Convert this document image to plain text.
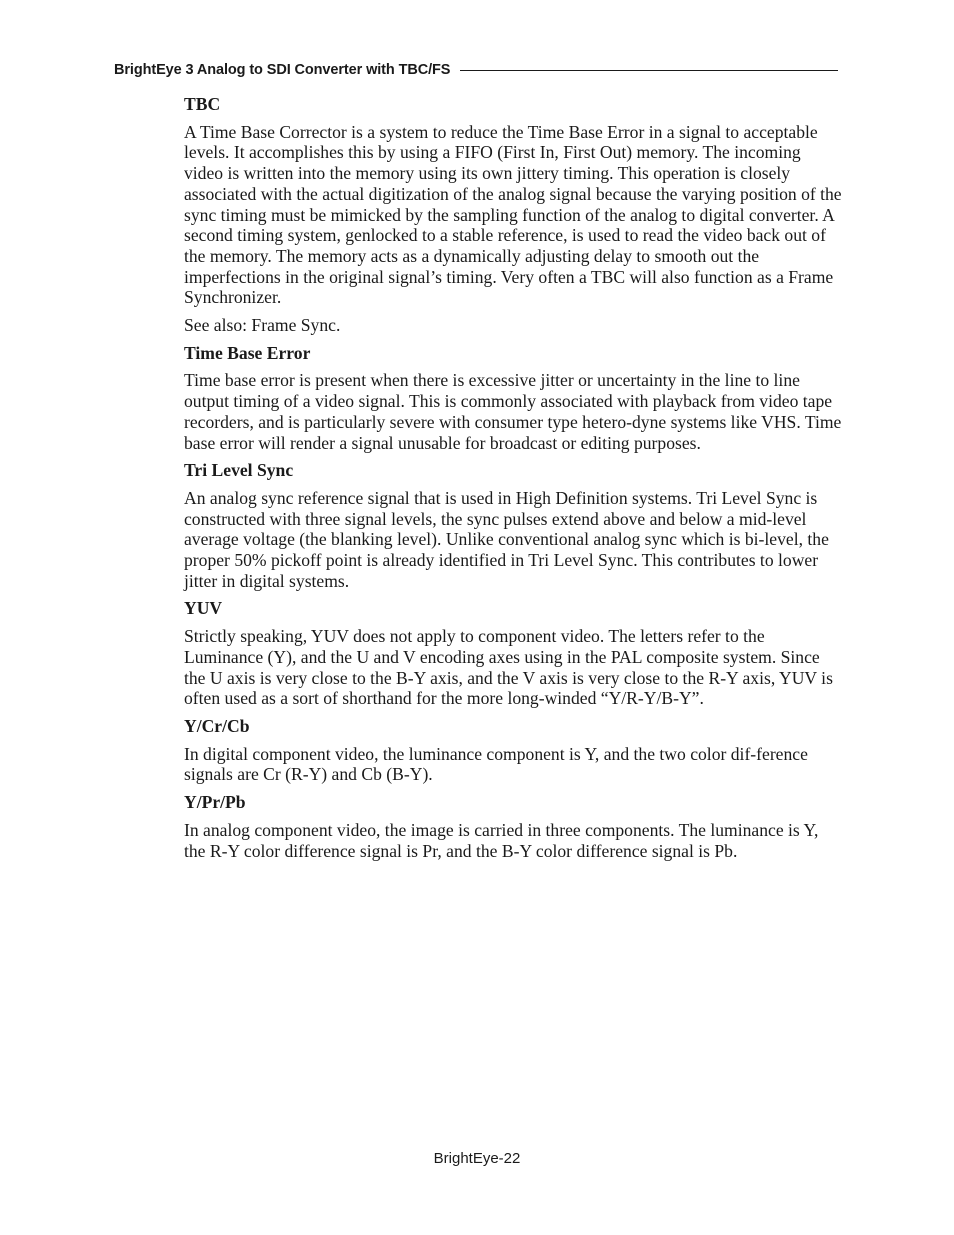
BrightEye 3 Analog to SDI Converter with TBC/FS

TBC

A Time Base Corrector is a system to reduce the Time Base Error in a signal to acceptable levels. It accomplishes this by using a FIFO (First In, First Out) memory. The incoming video is written into the memory using its own jittery timing. This operation is closely associated with the actual digitization of the analog signal because the varying position of the sync timing must be mimicked by the sampling function of the analog to digital converter. A second timing system, genlocked to a stable reference, is used to read the video back out of the memory. The memory acts as a dynamically adjusting delay to smooth out the imperfections in the original signal’s timing. Very often a TBC will also function as a Frame Synchronizer.

See also: Frame Sync.

Time Base Error

Time base error is present when there is excessive jitter or uncertainty in the line to line output timing of a video signal. This is commonly associated with playback from video tape recorders, and is particularly severe with consumer type hetero-dyne systems like VHS. Time base error will render a signal unusable for broadcast or editing purposes.

Tri Level Sync

An analog sync reference signal that is used in High Definition systems. Tri Level Sync is constructed with three signal levels, the sync pulses extend above and below a mid-level average voltage (the blanking level). Unlike conventional analog sync which is bi-level, the proper 50% pickoff point is already identified in Tri Level Sync. This contributes to lower jitter in digital systems.

YUV

Strictly speaking, YUV does not apply to component video. The letters refer to the Luminance (Y), and the U and V encoding axes using in the PAL composite system. Since the U axis is very close to the B-Y axis, and the V axis is very close to the R-Y axis, YUV is often used as a sort of shorthand for the more long-winded “Y/R-Y/B-Y”.

Y/Cr/Cb

In digital component video, the luminance component is Y, and the two color dif-ference signals are Cr (R-Y) and Cb (B-Y).

Y/Pr/Pb

In analog component video, the image is carried in three components. The luminance is Y, the R-Y color difference signal is Pr, and the B-Y color difference signal is Pb.

BrightEye-22
